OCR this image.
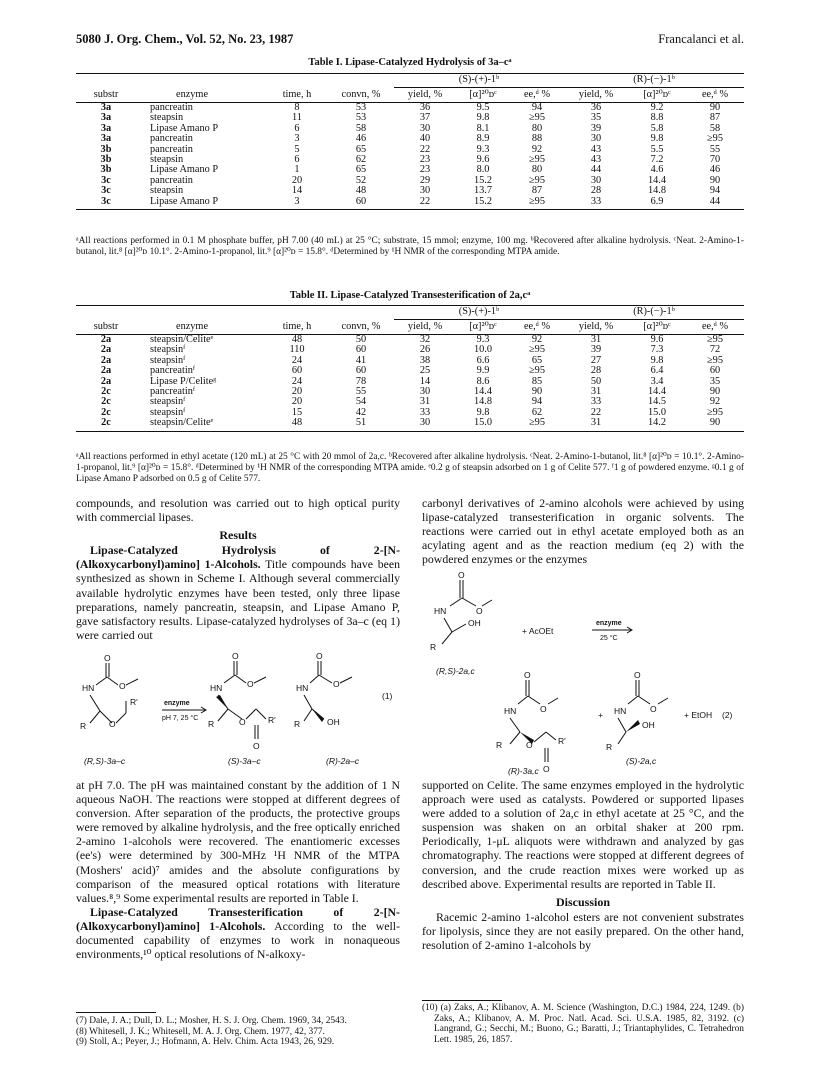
5080 J. Org. Chem., Vol. 52, No. 23, 1987	Francalanci et al.
Table I. Lipase-Catalyzed Hydrolysis of 3a–cᵃ
				(S)-(+)-1ᵇ			(R)-(−)-1ᵇ		
substr	enzyme	time, h	convn, %	yield, %	[α]²⁰ᴅᶜ	ee,ᵈ %	yield, %	[α]²⁰ᴅᶜ	ee,ᵈ %
3a	pancreatin	8	53	36	9.5	94	36	9.2	90
3a	steapsin	11	53	37	9.8	≥95	35	8.8	87
3a	Lipase Amano P	6	58	30	8.1	80	39	5.8	58
3a	pancreatin	3	46	40	8.9	88	30	9.8	≥95
3b	pancreatin	5	65	22	9.3	92	43	5.5	55
3b	steapsin	6	62	23	9.6	≥95	43	7.2	70
3b	Lipase Amano P	1	65	23	8.0	80	44	4.6	46
3c	pancreatin	20	52	29	15.2	≥95	30	14.4	90
3c	steapsin	14	48	30	13.7	87	28	14.8	94
3c	Lipase Amano P	3	60	22	15.2	≥95	33	6.9	44
ᵃAll reactions performed in 0.1 M phosphate buffer, pH 7.00 (40 mL) at 25 °C; substrate, 15 mmol; enzyme, 100 mg. ᵇRecovered after alkaline hydrolysis. ᶜNeat. 2-Amino-1-butanol, lit.⁸ [α]²⁰ᴅ 10.1°. 2-Amino-1-propanol, lit.⁹ [α]²⁰ᴅ = 15.8°. ᵈDetermined by ¹H NMR of the corresponding MTPA amide.
Table II. Lipase-Catalyzed Transesterification of 2a,cᵃ
				(S)-(+)-1ᵇ			(R)-(−)-1ᵇ		
substr	enzyme	time, h	convn, %	yield, %	[α]²⁰ᴅᶜ	ee,ᵈ %	yield, %	[α]²⁰ᴅᶜ	ee,ᵈ %
2a	steapsin/Celiteᵉ	48	50	32	9.3	92	31	9.6	≥95
2a	steapsinᶠ	110	60	26	10.0	≥95	39	7.3	72
2a	steapsinᶠ	24	41	38	6.6	65	27	9.8	≥95
2a	pancreatinᶠ	60	60	25	9.9	≥95	28	6.4	60
2a	Lipase P/Celiteᵍ	24	78	14	8.6	85	50	3.4	35
2c	pancreatinᶠ	20	55	30	14.4	90	31	14.4	90
2c	steapsinᶠ	20	54	31	14.8	94	33	14.5	92
2c	steapsinᶠ	15	42	33	9.8	62	22	15.0	≥95
2c	steapsin/Celiteᵉ	48	51	30	15.0	≥95	31	14.2	90
ᵃAll reactions performed in ethyl acetate (120 mL) at 25 °C with 20 mmol of 2a,c. ᵇRecovered after alkaline hydrolysis. ᶜNeat. 2-Amino-1-butanol, lit.⁸ [α]²⁰ᴅ = 10.1°. 2-Amino-1-propanol, lit.⁹ [α]²⁰ᴅ = 15.8°. ᵈDetermined by ¹H NMR of the corresponding MTPA amide. ᵉ0.2 g of steapsin adsorbed on 1 g of Celite 577. ᶠ1 g of powdered enzyme. ᵍ0.1 g of Lipase Amano P adsorbed on 0.5 g of Celite 577.

compounds, and resolution was carried out to high optical purity with commercial lipases.

Results

Lipase-Catalyzed Hydrolysis of 2-[N-(Alkoxycarbonyl)amino] 1-Alcohols. Title compounds have been synthesized as shown in Scheme I. Although several commercially available hydrolytic enzymes have been tested, only three lipase preparations, namely pancreatin, steapsin, and Lipase Amano P, gave satisfactory results. Lipase-catalyzed hydrolyses of 3a–c (eq 1) were carried out

O
HN	O
R	O
R'	enzyme
pH 7, 25 °C
O
HN	O
R	O	R'
O
O
HN	O
R	OH
(1)
(R,S)-3a–c	(S)-3a–c	(R)-2a–c

at pH 7.0. The pH was maintained constant by the addition of 1 N aqueous NaOH. The reactions were stopped at different degrees of conversion. After separation of the products, the protective groups were removed by alkaline hydrolysis, and the free optically enriched 2-amino 1-alcohols were recovered. The enantiomeric excesses (ee's) were determined by 300-MHz ¹H NMR of the MTPA (Moshers' acid)⁷ amides and the absolute configurations by comparison of the measured optical rotations with literature values.⁸,⁹ Some experimental results are reported in Table I.

Lipase-Catalyzed Transesterification of 2-[N-(Alkoxycarbonyl)amino] 1-Alcohols. According to the well-documented capability of enzymes to work in nonaqueous environments,¹⁰ optical resolutions of N-alkoxy-

(7) Dale, J. A.; Dull, D. L.; Mosher, H. S. J. Org. Chem. 1969, 34, 2543.

(8) Whitesell, J. K.; Whitesell, M. A. J. Org. Chem. 1977, 42, 377.

(9) Stoll, A.; Peyer, J.; Hofmann, A. Helv. Chim. Acta 1943, 26, 929.

carbonyl derivatives of 2-amino alcohols were achieved by using lipase-catalyzed transesterification in organic solvents. The reactions were carried out in ethyl acetate employed both as an acylating agent and as the reaction medium (eq 2) with the powdered enzymes or the enzymes

O
HN	O
OH
R
+ AcOEt
enzyme
25 °C
(R,S)-2a,c	O
HN	O
R	O	R'
O
+
O
HN	O
OH
R
+ EtOH (2)
(S)-2a,c
(R)-3a,c

supported on Celite. The same enzymes employed in the hydrolytic approach were used as catalysts. Powdered or supported lipases were added to a solution of 2a,c in ethyl acetate at 25 °C, and the suspension was shaken on an orbital shaker at 200 rpm. Periodically, 1-μL aliquots were withdrawn and analyzed by gas chromatography. The reactions were stopped at different degrees of conversion, and the crude reaction mixes were worked up as described above. Experimental results are reported in Table II.

Discussion

Racemic 2-amino 1-alcohol esters are not convenient substrates for lipolysis, since they are not easily prepared. On the other hand, resolution of 2-amino 1-alcohols by

(10) (a) Zaks, A.; Klibanov, A. M. Science (Washington, D.C.) 1984, 224, 1249. (b) Zaks, A.; Klibanov, A. M. Proc. Natl. Acad. Sci. U.S.A. 1985, 82, 3192. (c) Langrand, G.; Secchi, M.; Buono, G.; Baratti, J.; Triantaphylides, C. Tetrahedron Lett. 1985, 26, 1857.
